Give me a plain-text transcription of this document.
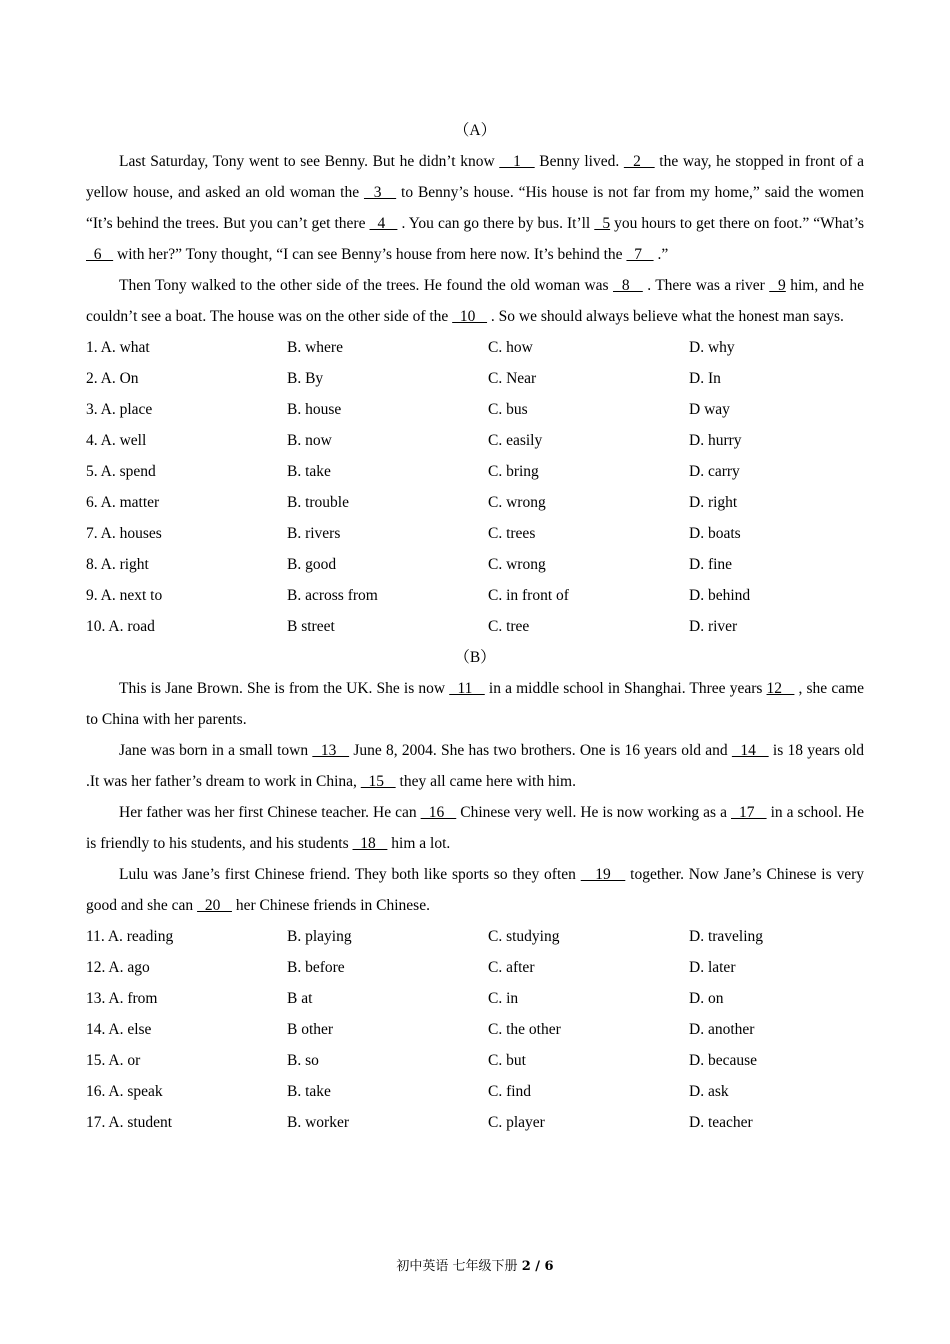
（A）

Last Saturday, Tony went to see Benny. But he didn’t know    1    Benny lived.   2    the way, he stopped in front of a yellow house, and asked an old woman the   3    to Benny’s house. “His house is not far from my home,” said the women “It’s behind the trees. But you can’t get there   4    . You can go there by bus. It’ll   5 you hours to get there on foot.” “What’s   6    with her?” Tony thought, “I can see Benny’s house from here now. It’s behind the   7    .”

Then Tony walked to the other side of the trees. He found the old woman was   8    . There was a river   9 him, and he couldn’t see a boat. The house was on the other side of the   10    . So we should always believe what the honest man says.

1. A. what	B. where	C. how	D. why
2. A. On	B. By	C. Near	D. In
3. A. place	B. house	C. bus	D way
4. A. well	B. now	C. easily	D. hurry
5. A. spend	B. take	C. bring	D. carry
6. A. matter	B. trouble	C. wrong	D. right
7. A. houses	B. rivers	C. trees	D. boats
8. A. right	B. good	C. wrong	D. fine
9. A. next to	B. across from	C. in front of	D. behind
10. A. road	B street	C. tree	D. river
（B）

This is Jane Brown. She is from the UK. She is now   11    in a middle school in Shanghai. Three years 12    , she came to China with her parents.

Jane was born in a small town   13    June 8, 2004. She has two brothers. One is 16 years old and   14    is 18 years old .It was her father’s dream to work in China,   15    they all came here with him.

Her father was her first Chinese teacher. He can   16    Chinese very well. He is now working as a   17    in a school. He is friendly to his students, and his students   18    him a lot.

Lulu was Jane’s first Chinese friend. They both like sports so they often    19    together. Now Jane’s Chinese is very good and she can   20    her Chinese friends in Chinese.

11. A. reading	B. playing	C. studying	D. traveling
12. A. ago	B. before	C. after	D. later
13. A. from	B at	C. in	D. on
14. A. else	B other	C. the other	D. another
15. A. or	B. so	C. but	D. because
16. A. speak	B. take	C. find	D. ask
17. A. student	B. worker	C. player	D. teacher
初中英语 七年级下册 2 / 6
